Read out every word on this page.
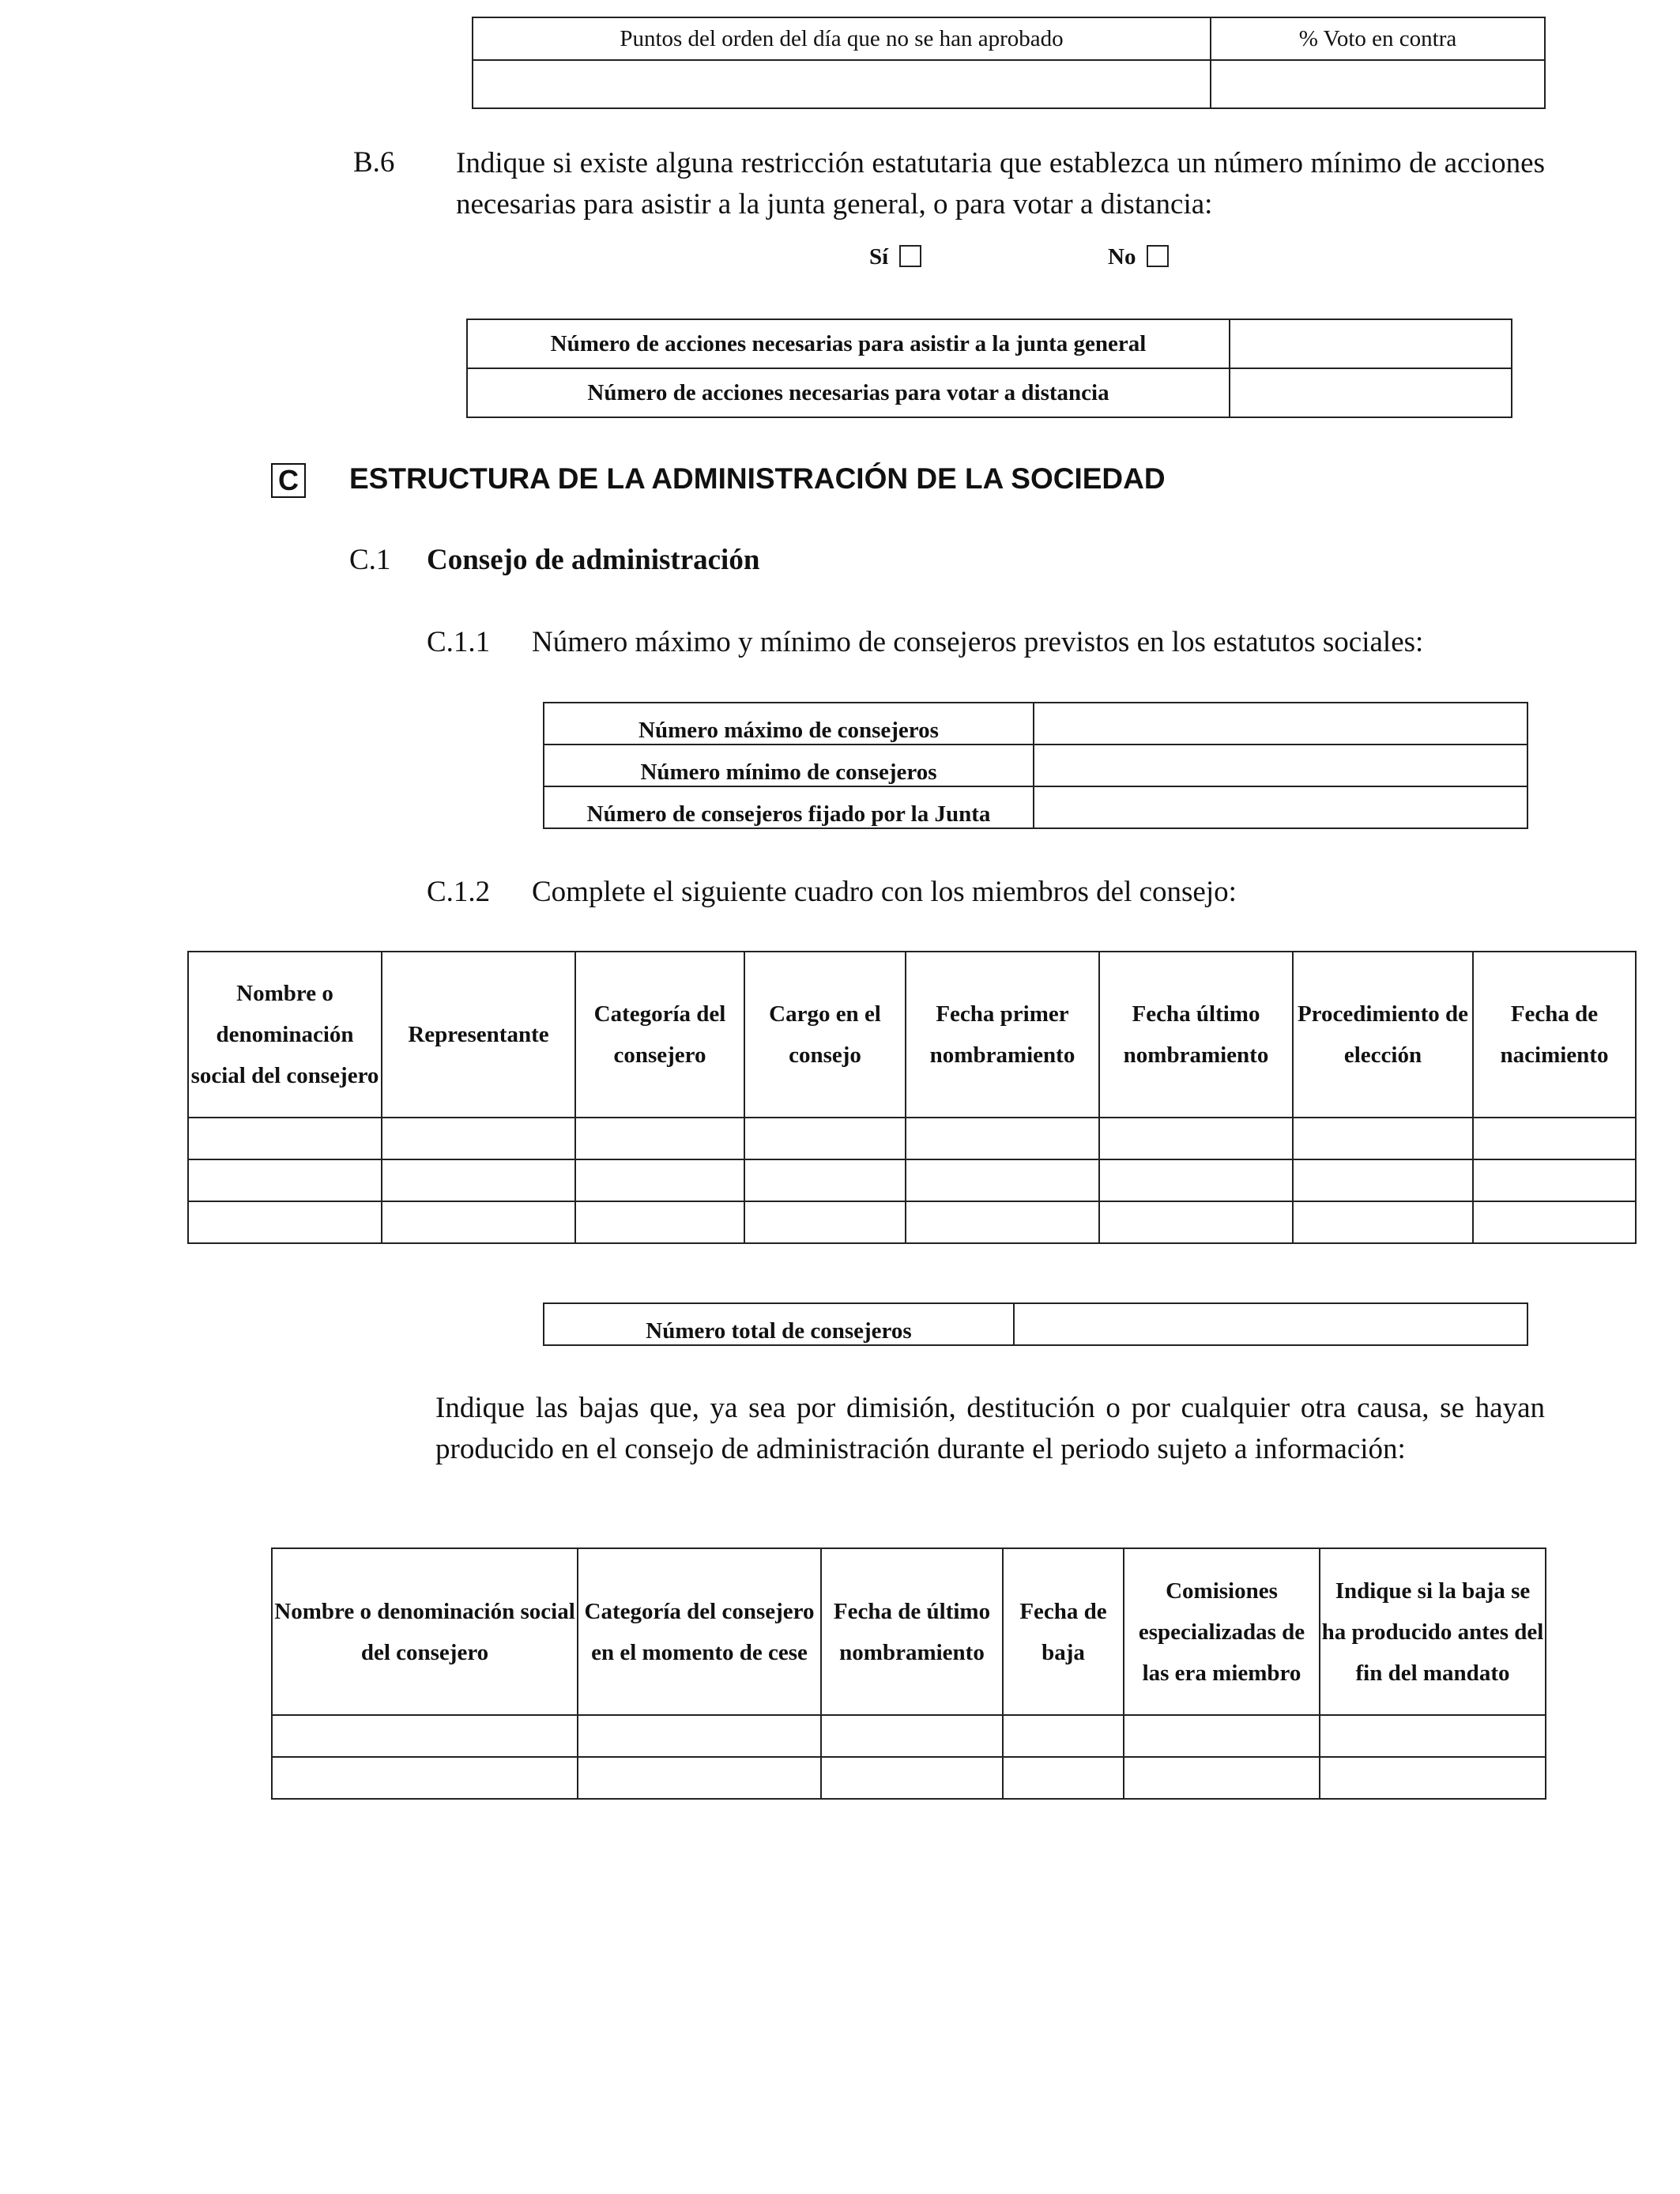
Puntos del orden del día que no se han aprobado	% Voto en contra

B.6 Indique si existe alguna restricción estatutaria que establezca un número mínimo de acciones necesarias para asistir a la junta general, o para votar a distancia:
Sí	No
Número de acciones necesarias para asistir a la junta general	
Número de acciones necesarias para votar a distancia	
C ESTRUCTURA DE LA ADMINISTRACIÓN DE LA SOCIEDAD
C.1 Consejo de administración
C.1.1 Número máximo y mínimo de consejeros previstos en los estatutos sociales:
Número máximo de consejeros	
Número mínimo de consejeros	
Número de consejeros fijado por la Junta	
C.1.2 Complete el siguiente cuadro con los miembros del consejo:
Nombre o denominación social del consejero	Representante	Categoría del consejero	Cargo en el consejo	Fecha primer nombramiento	Fecha último nombramiento	Procedimiento de elección	Fecha de nacimiento

Número total de consejeros	
Indique las bajas que, ya sea por dimisión, destitución o por cualquier otra causa, se hayan producido en el consejo de administración durante el periodo sujeto a información:
Nombre o denominación social del consejero	Categoría del consejero en el momento de cese	Fecha de último nombramiento	Fecha de baja	Comisiones especializadas de las era miembro	Indique si la baja se ha producido antes del fin del mandato
